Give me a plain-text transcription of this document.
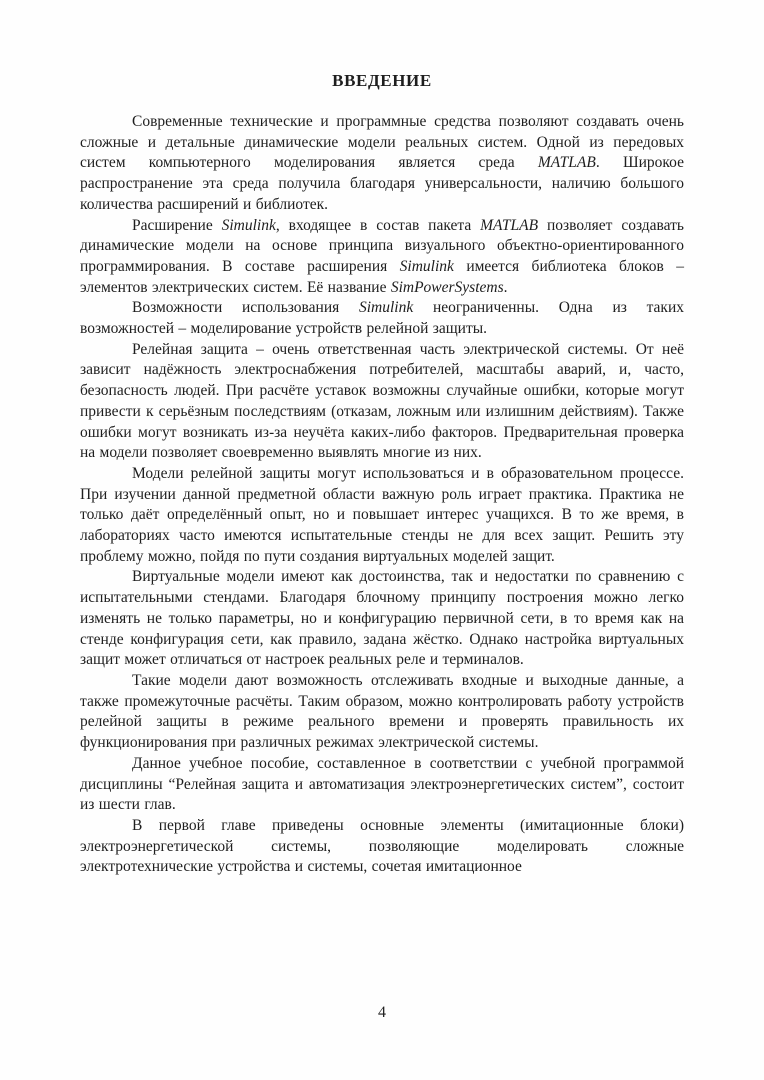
ВВЕДЕНИЕ

Современные технические и программные средства позволяют создавать очень сложные и детальные динамические модели реальных систем. Одной из передовых систем компьютерного моделирования является среда MATLAB. Широкое распространение эта среда получила благодаря универсальности, наличию большого количества расширений и библиотек.

Расширение Simulink, входящее в состав пакета MATLAB позволяет создавать динамические модели на основе принципа визуального объектно-ориентированного программирования. В составе расширения Simulink имеется библиотека блоков – элементов электрических систем. Её название SimPowerSystems.

Возможности использования Simulink неограниченны. Одна из таких возможностей – моделирование устройств релейной защиты.

Релейная защита – очень ответственная часть электрической системы. От неё зависит надёжность электроснабжения потребителей, масштабы аварий, и, часто, безопасность людей. При расчёте уставок возможны случайные ошибки, которые могут привести к серьёзным последствиям (отказам, ложным или излишним действиям). Также ошибки могут возникать из-за неучёта каких-либо факторов. Предварительная проверка на модели позволяет своевременно выявлять многие из них.

Модели релейной защиты могут использоваться и в образовательном процессе. При изучении данной предметной области важную роль играет практика. Практика не только даёт определённый опыт, но и повышает интерес учащихся. В то же время, в лабораториях часто имеются испытательные стенды не для всех защит. Решить эту проблему можно, пойдя по пути создания виртуальных моделей защит.

Виртуальные модели имеют как достоинства, так и недостатки по сравнению с испытательными стендами. Благодаря блочному принципу построения можно легко изменять не только параметры, но и конфигурацию первичной сети, в то время как на стенде конфигурация сети, как правило, задана жёстко. Однако настройка виртуальных защит может отличаться от настроек реальных реле и терминалов.

Такие модели дают возможность отслеживать входные и выходные данные, а также промежуточные расчёты. Таким образом, можно контролировать работу устройств релейной защиты в режиме реального времени и проверять правильность их функционирования при различных режимах электрической системы.

Данное учебное пособие, составленное в соответствии с учебной программой дисциплины “Релейная защита и автоматизация электроэнергетических систем”, состоит из шести глав.

В первой главе приведены основные элементы (имитационные блоки) электроэнергетической системы, позволяющие моделировать сложные электротехнические устройства и системы, сочетая имитационное

4
